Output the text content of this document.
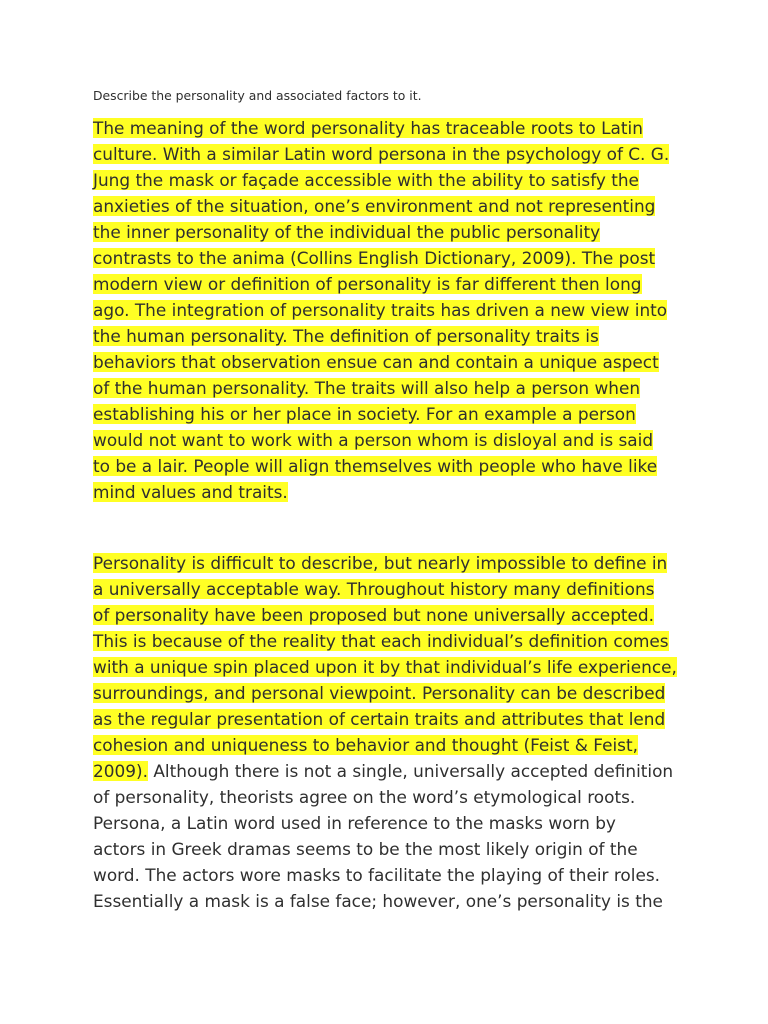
Describe the personality and associated factors to it.
The meaning of the word personality has traceable roots to Latin
culture. With a similar Latin word persona in the psychology of C. G.
Jung the mask or façade accessible with the ability to satisfy the
anxieties of the situation, one’s environment and not representing
the inner personality of the individual the public personality
contrasts to the anima (Collins English Dictionary, 2009). The post
modern view or definition of personality is far different then long
ago. The integration of personality traits has driven a new view into
the human personality. The definition of personality traits is
behaviors that observation ensue can and contain a unique aspect
of the human personality. The traits will also help a person when
establishing his or her place in society. For an example a person
would not want to work with a person whom is disloyal and is said
to be a lair. People will align themselves with people who have like
mind values and traits.
Personality is difficult to describe, but nearly impossible to define in
a universally acceptable way. Throughout history many definitions
of personality have been proposed but none universally accepted.
This is because of the reality that each individual’s definition comes
with a unique spin placed upon it by that individual’s life experience,
surroundings, and personal viewpoint. Personality can be described
as the regular presentation of certain traits and attributes that lend
cohesion and uniqueness to behavior and thought (Feist & Feist,
2009). Although there is not a single, universally accepted definition
of personality, theorists agree on the word’s etymological roots.
Persona, a Latin word used in reference to the masks worn by
actors in Greek dramas seems to be the most likely origin of the
word. The actors wore masks to facilitate the playing of their roles.
Essentially a mask is a false face; however, one’s personality is the
